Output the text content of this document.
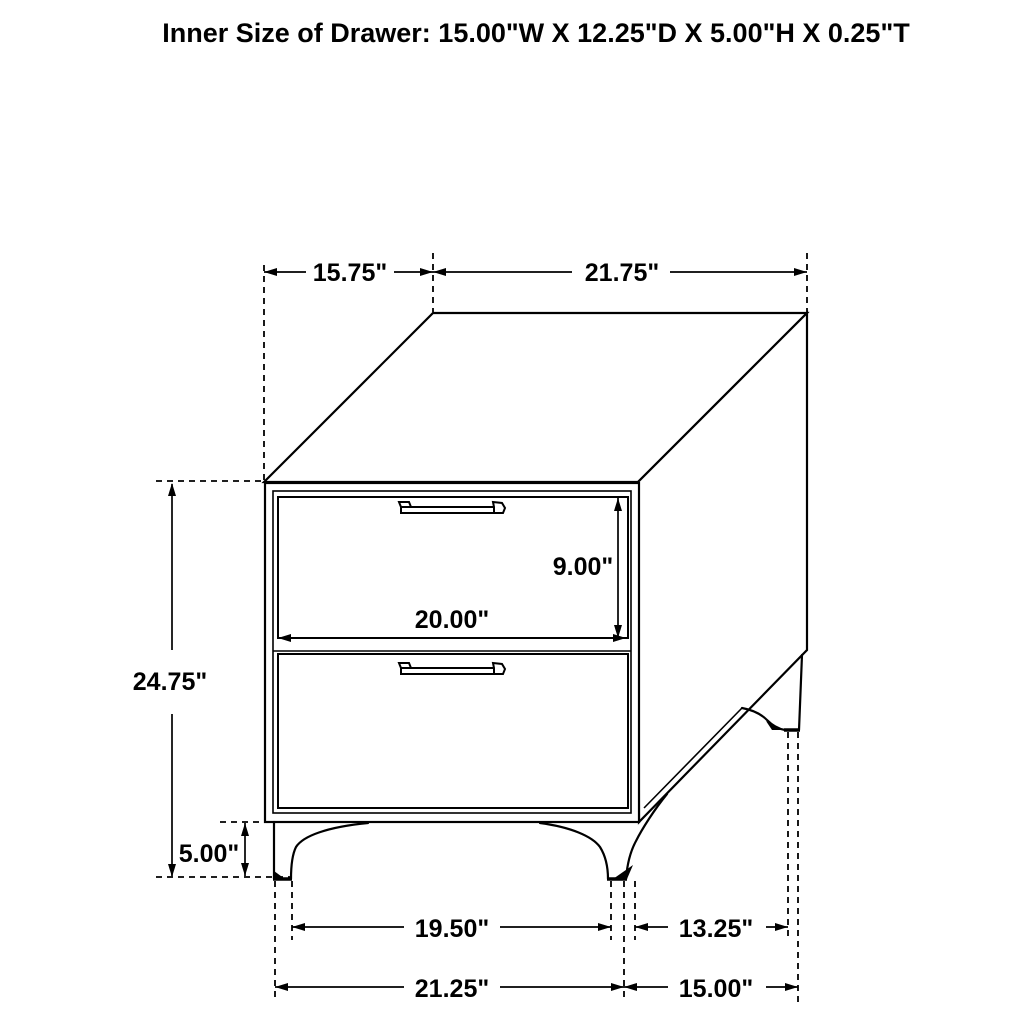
Inner Size of Drawer: 15.00"W X 12.25"D X 5.00"H X 0.25"T
15.75"	21.75"
24.75"
5.00"
9.00"
20.00"
19.50"	13.25"
21.25"	15.00"
